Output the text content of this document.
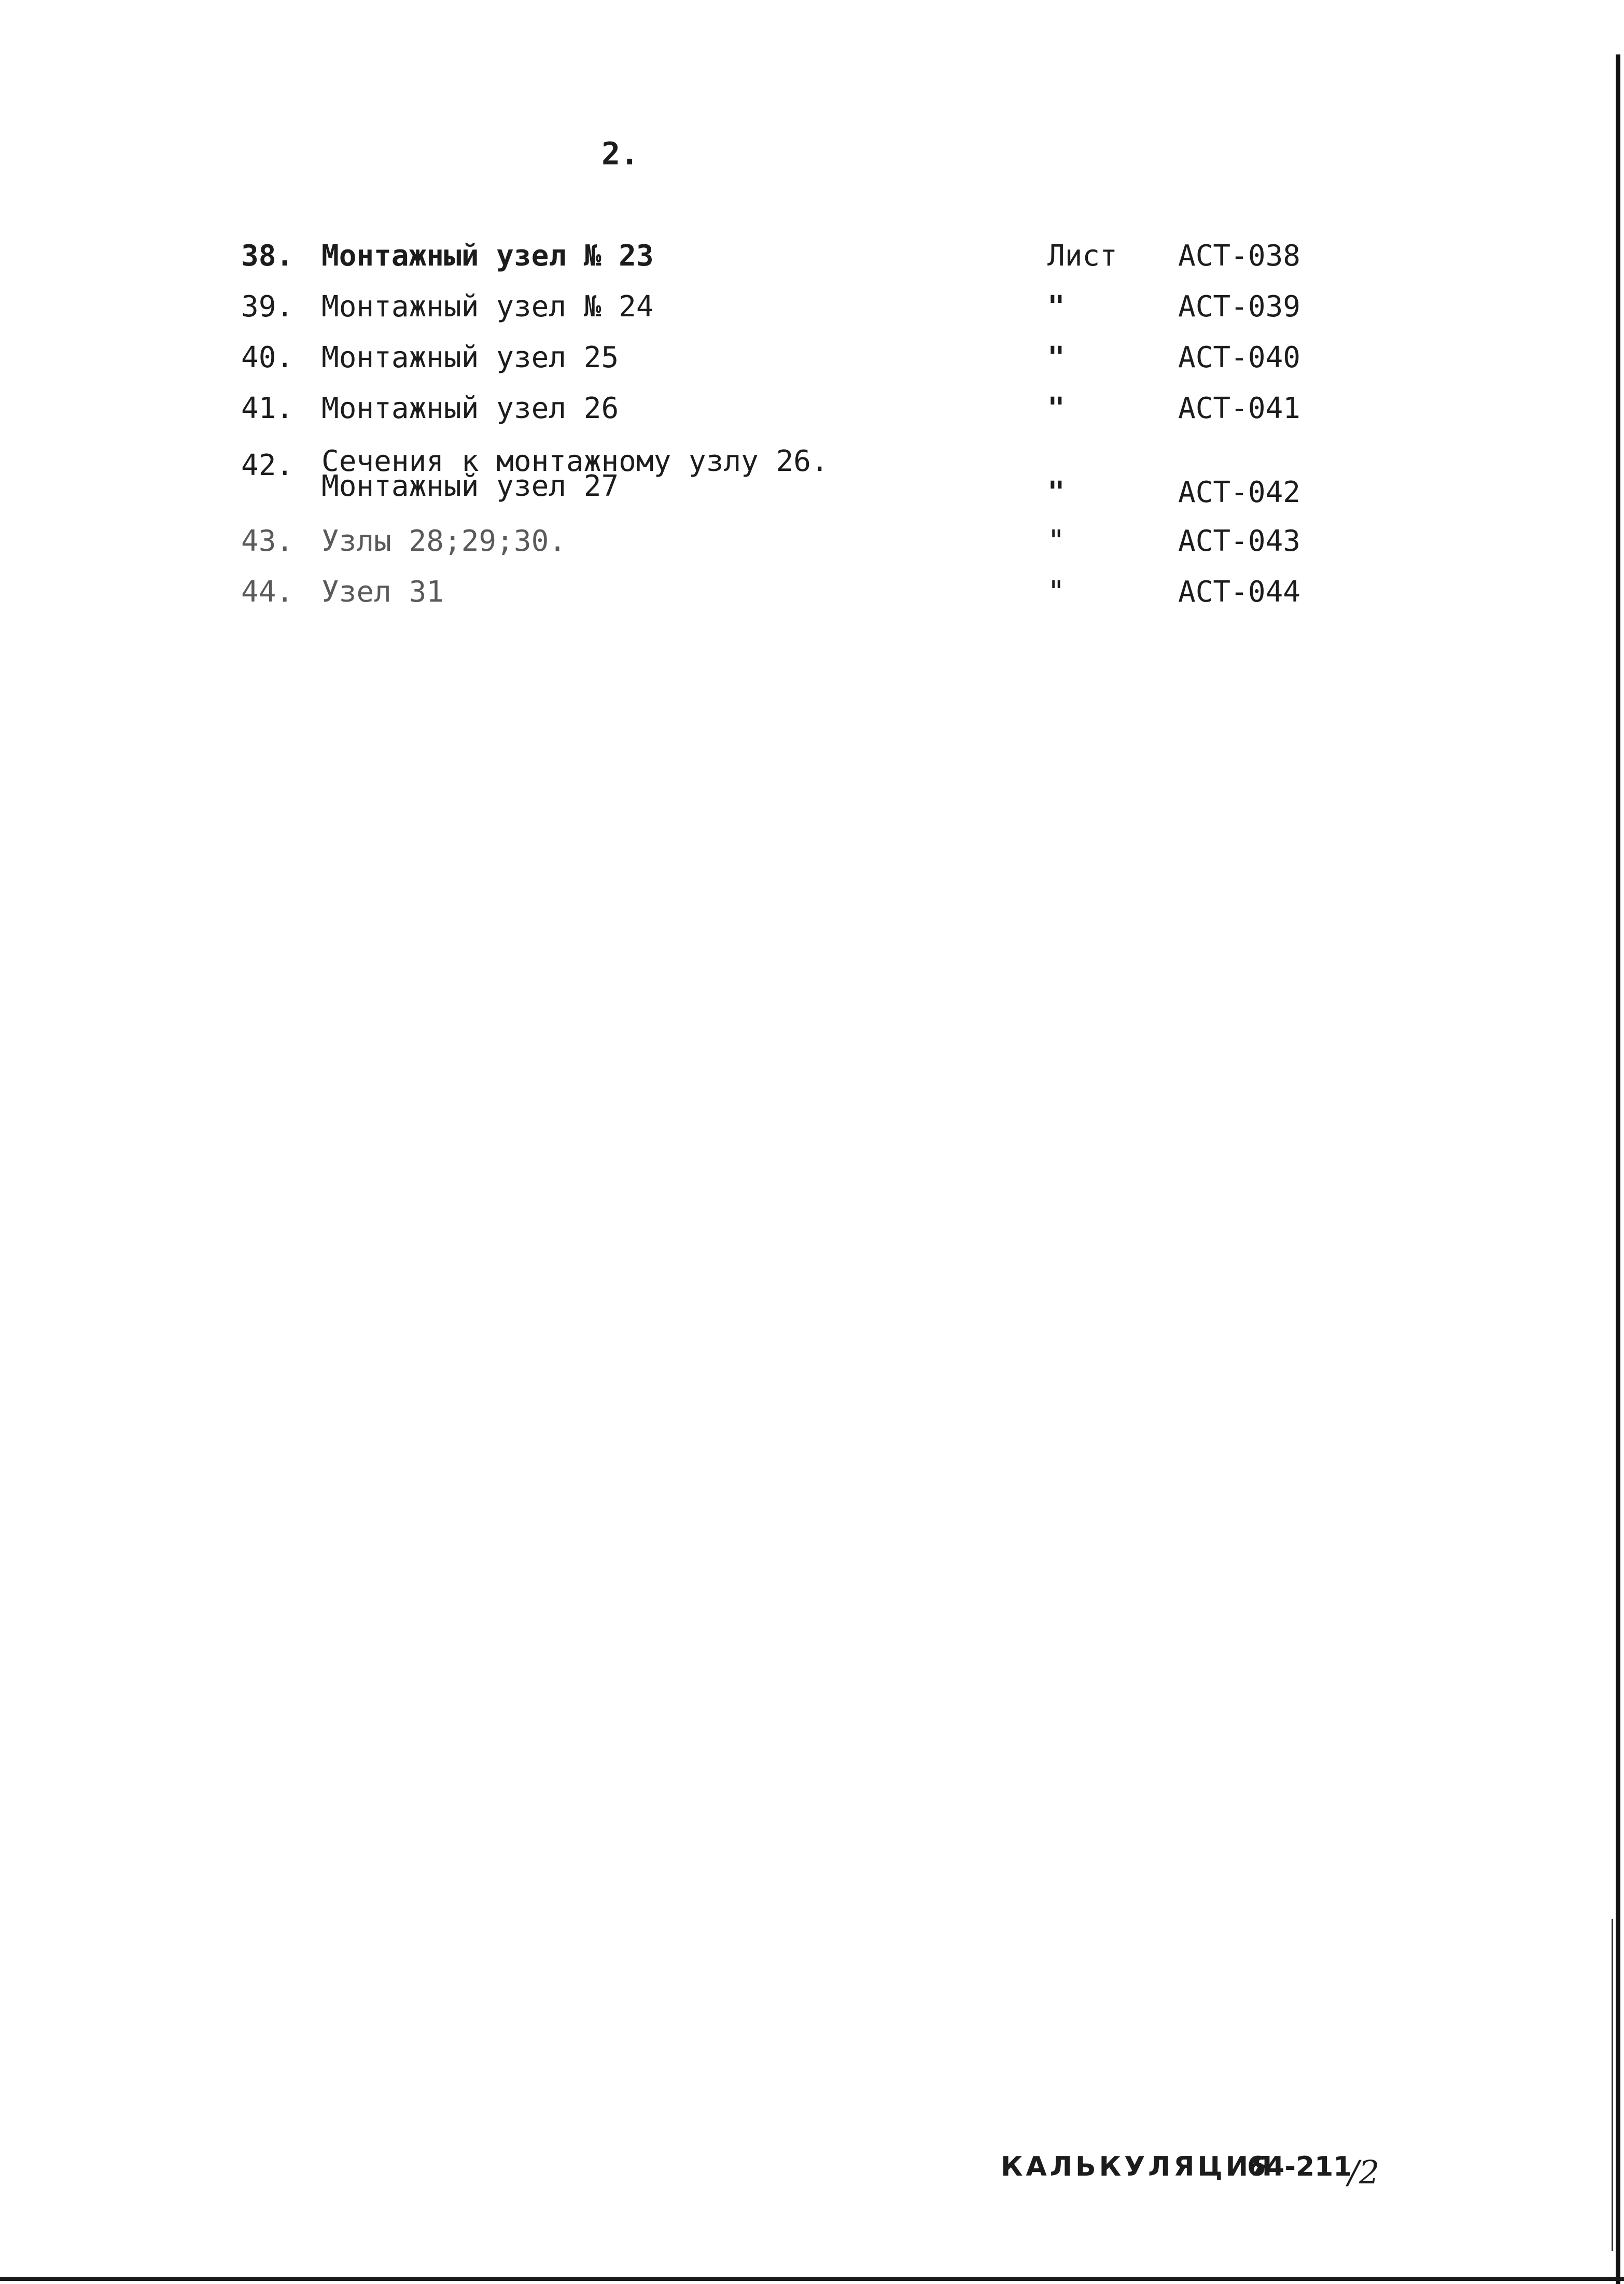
2.
38. Монтажный узел № 23	Лист АСТ-038
39. Монтажный узел № 24	"	АСТ-039
40. Монтажный узел 25	"	АСТ-040
41. Монтажный узел 26	"	АСТ-041
42. Сечения к монтажному узлу 26.
Монтажный узел 27	"	АСТ-042
43. Узлы 28;29;30.	"	АСТ-043
44. Узел 31	"	АСТ-044
КАЛЬКУЛЯЦИЯ
64-211
/2
